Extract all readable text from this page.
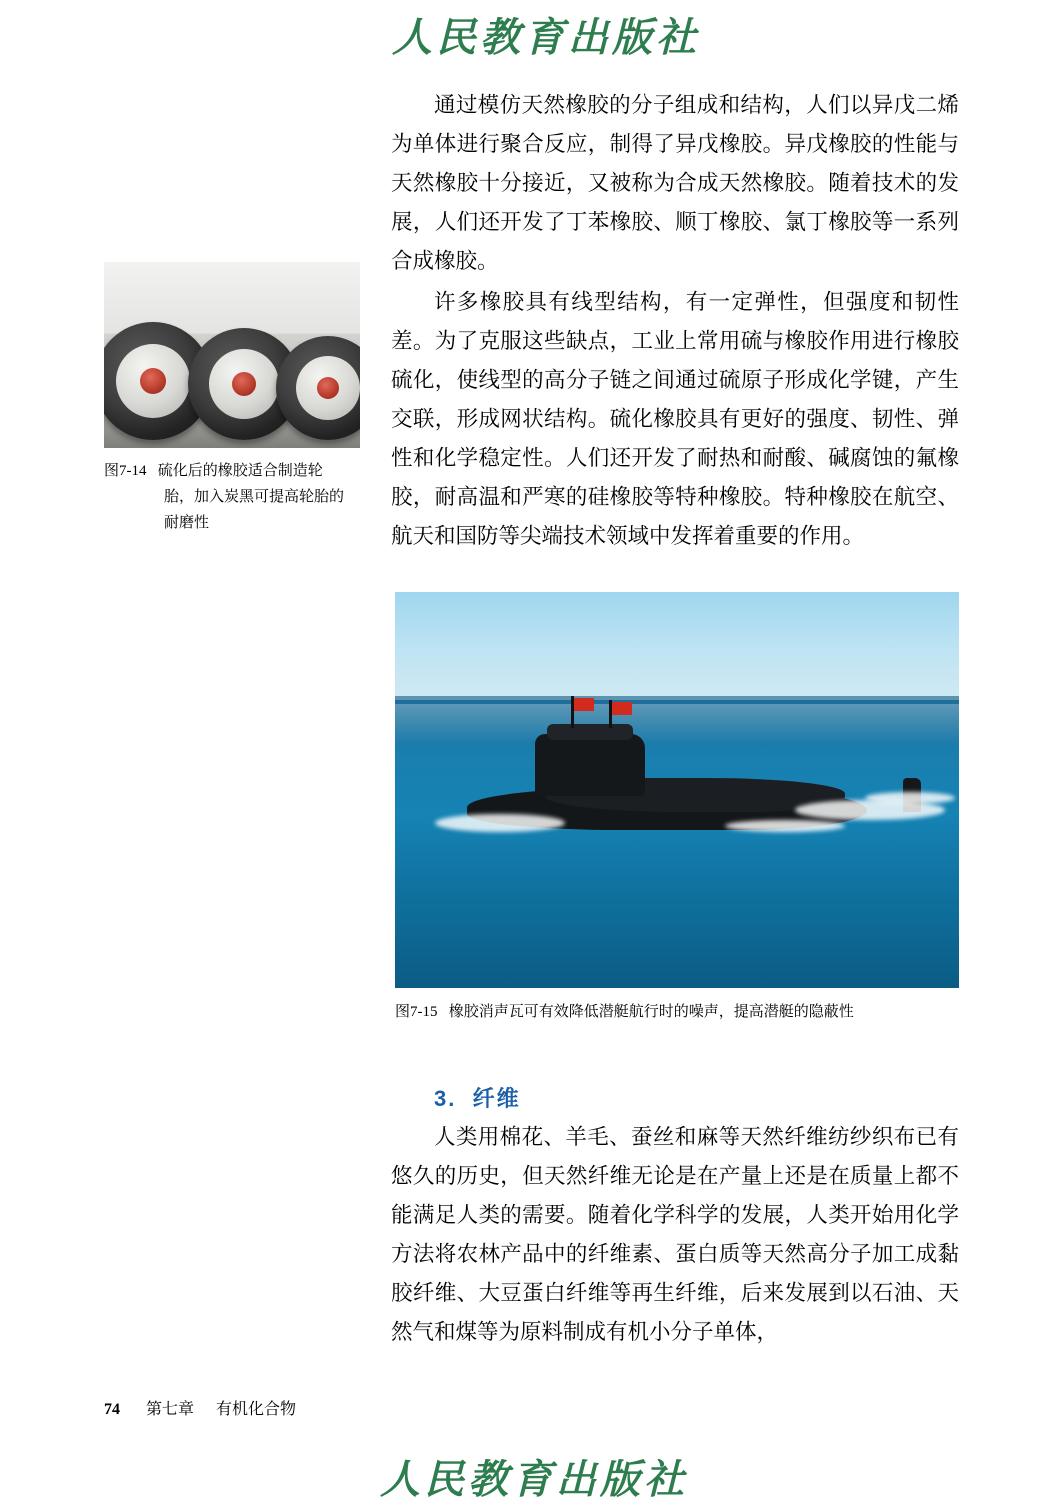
人民教育出版社

通过模仿天然橡胶的分子组成和结构，人们以异戊二烯为单体进行聚合反应，制得了异戊橡胶。异戊橡胶的性能与天然橡胶十分接近，又被称为合成天然橡胶。随着技术的发展，人们还开发了丁苯橡胶、顺丁橡胶、氯丁橡胶等一系列合成橡胶。

许多橡胶具有线型结构，有一定弹性，但强度和韧性差。为了克服这些缺点，工业上常用硫与橡胶作用进行橡胶硫化，使线型的高分子链之间通过硫原子形成化学键，产生交联，形成网状结构。硫化橡胶具有更好的强度、韧性、弹性和化学稳定性。人们还开发了耐热和耐酸、碱腐蚀的氟橡胶，耐高温和严寒的硅橡胶等特种橡胶。特种橡胶在航空、航天和国防等尖端技术领域中发挥着重要的作用。

图7-14 硫化后的橡胶适合制造轮
胎，加入炭黑可提高轮胎的
耐磨性
图7-15 橡胶消声瓦可有效降低潜艇航行时的噪声，提高潜艇的隐蔽性
3. 纤维

人类用棉花、羊毛、蚕丝和麻等天然纤维纺纱织布已有悠久的历史，但天然纤维无论是在产量上还是在质量上都不能满足人类的需要。随着化学科学的发展，人类开始用化学方法将农林产品中的纤维素、蛋白质等天然高分子加工成黏胶纤维、大豆蛋白纤维等再生纤维，后来发展到以石油、天然气和煤等为原料制成有机小分子单体，

74 第七章 有机化合物
人民教育出版社
